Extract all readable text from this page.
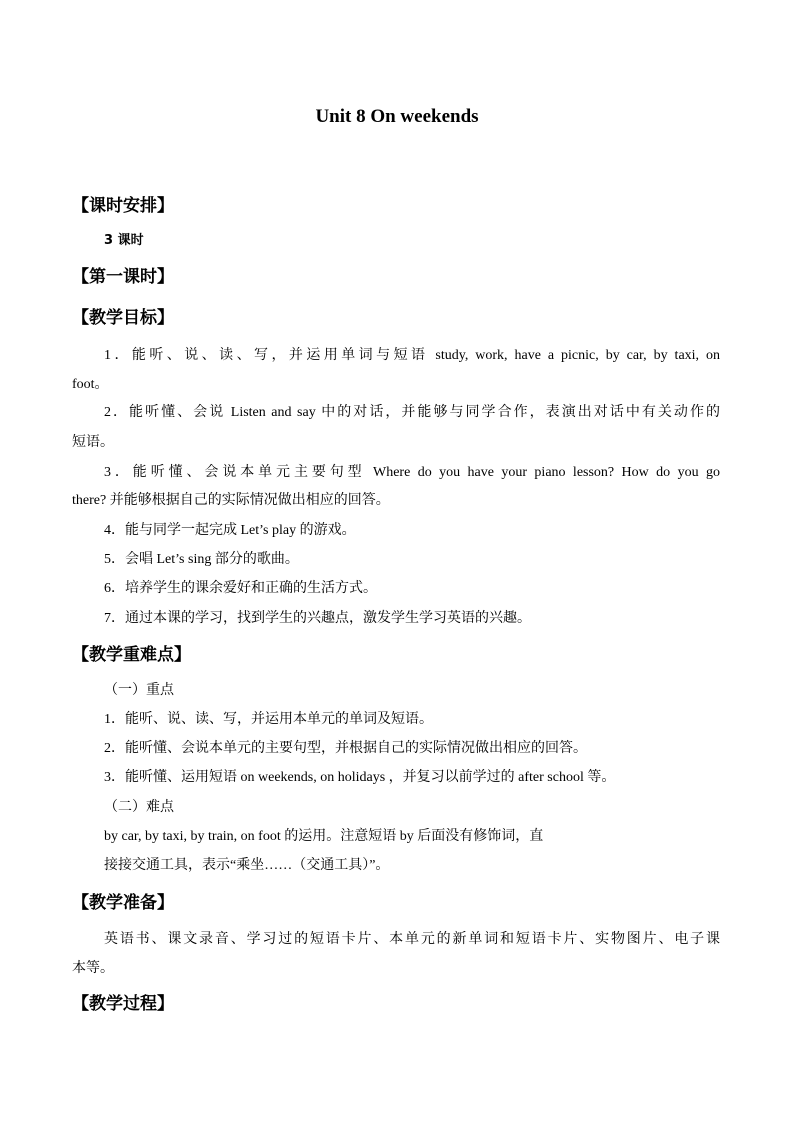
Unit 8 On weekends
【课时安排】
3 课时
【第一课时】
【教学目标】
1．能听、说、读、写，并运用单词与短语 study, work, have a picnic, by car, by taxi, on
foot。
2．能听懂、会说 Listen and say 中的对话，并能够与同学合作，表演出对话中有关动作的
短语。
3．能听懂、会说本单元主要句型 Where do you have your piano lesson? How do you go
there? 并能够根据自己的实际情况做出相应的回答。
4．能与同学一起完成 Let’s play 的游戏。
5．会唱 Let’s sing 部分的歌曲。
6．培养学生的课余爱好和正确的生活方式。
7．通过本课的学习，找到学生的兴趣点，激发学生学习英语的兴趣。
【教学重难点】
（一）重点
1．能听、说、读、写，并运用本单元的单词及短语。
2．能听懂、会说本单元的主要句型，并根据自己的实际情况做出相应的回答。
3．能听懂、运用短语 on weekends, on holidays ，并复习以前学过的 after school 等。
（二）难点
by car, by taxi, by train, on foot 的运用。注意短语 by 后面没有修饰词，直
接接交通工具，表示“乘坐……（交通工具）”。
【教学准备】
英语书、课文录音、学习过的短语卡片、本单元的新单词和短语卡片、实物图片、电子课
本等。
【教学过程】
